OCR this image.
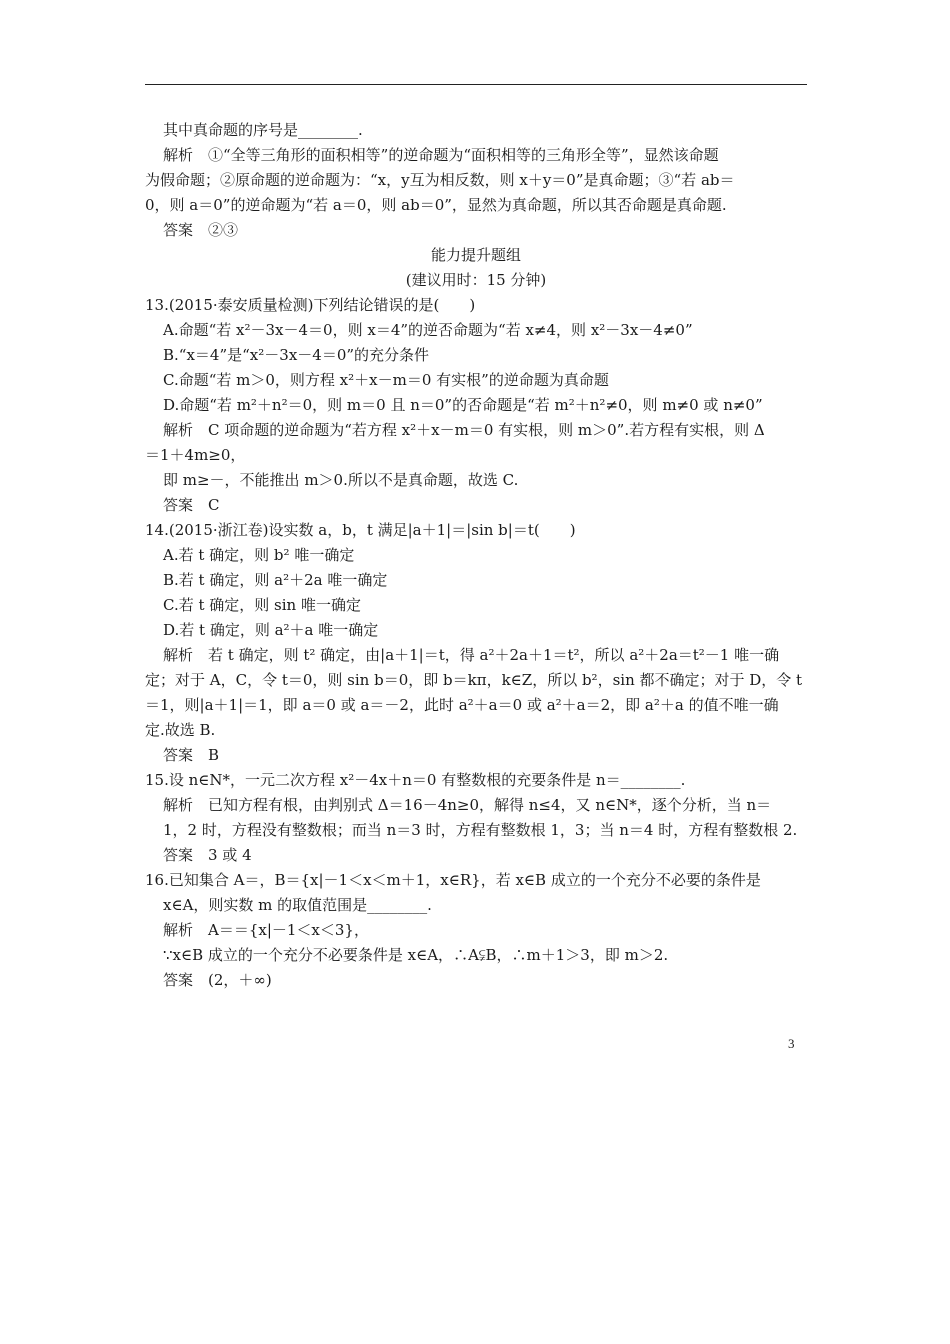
其中真命题的序号是________.
解析　①“全等三角形的面积相等”的逆命题为“面积相等的三角形全等”，显然该命题
为假命题；②原命题的逆命题为：“x，y互为相反数，则 x＋y＝0”是真命题；③“若 ab＝
0，则 a＝0”的逆命题为“若 a＝0，则 ab＝0”，显然为真命题，所以其否命题是真命题.
答案　②③
能力提升题组
(建议用时：15 分钟)
13.(2015·泰安质量检测)下列结论错误的是(　　)
A.命题“若 x²－3x－4＝0，则 x＝4”的逆否命题为“若 x≠4，则 x²－3x－4≠0”
B.“x＝4”是“x²－3x－4＝0”的充分条件
C.命题“若 m＞0，则方程 x²＋x－m＝0 有实根”的逆命题为真命题
D.命题“若 m²＋n²＝0，则 m＝0 且 n＝0”的否命题是“若 m²＋n²≠0，则 m≠0 或 n≠0”
解析　C 项命题的逆命题为“若方程 x²＋x－m＝0 有实根，则 m＞0”.若方程有实根，则 Δ
＝1＋4m≥0，
即 m≥－，不能推出 m＞0.所以不是真命题，故选 C.
答案　C
14.(2015·浙江卷)设实数 a，b，t 满足|a＋1|＝|sin b|＝t(　　)
A.若 t 确定，则 b² 唯一确定
B.若 t 确定，则 a²＋2a 唯一确定
C.若 t 确定，则 sin 唯一确定
D.若 t 确定，则 a²＋a 唯一确定
解析　若 t 确定，则 t² 确定，由|a＋1|＝t，得 a²＋2a＋1＝t²，所以 a²＋2a＝t²－1 唯一确
定；对于 A，C，令 t＝0，则 sin b＝0，即 b＝kπ，k∈Z，所以 b²，sin 都不确定；对于 D，令 t
＝1，则|a＋1|＝1，即 a＝0 或 a＝－2，此时 a²＋a＝0 或 a²＋a＝2，即 a²＋a 的值不唯一确
定.故选 B.
答案　B
15.设 n∈N*，一元二次方程 x²－4x＋n＝0 有整数根的充要条件是 n＝________.
解析　已知方程有根，由判别式 Δ＝16－4n≥0，解得 n≤4，又 n∈N*，逐个分析，当 n＝
1，2 时，方程没有整数根；而当 n＝3 时，方程有整数根 1，3；当 n＝4 时，方程有整数根 2.
答案　3 或 4
16.已知集合 A＝，B＝{x|－1＜x＜m＋1，x∈R}，若 x∈B 成立的一个充分不必要的条件是
x∈A，则实数 m 的取值范围是________.
解析　A＝＝{x|－1＜x＜3}，
∵x∈B 成立的一个充分不必要条件是 x∈A，∴A⫋B，∴m＋1＞3，即 m＞2.
答案　(2，＋∞)
3
